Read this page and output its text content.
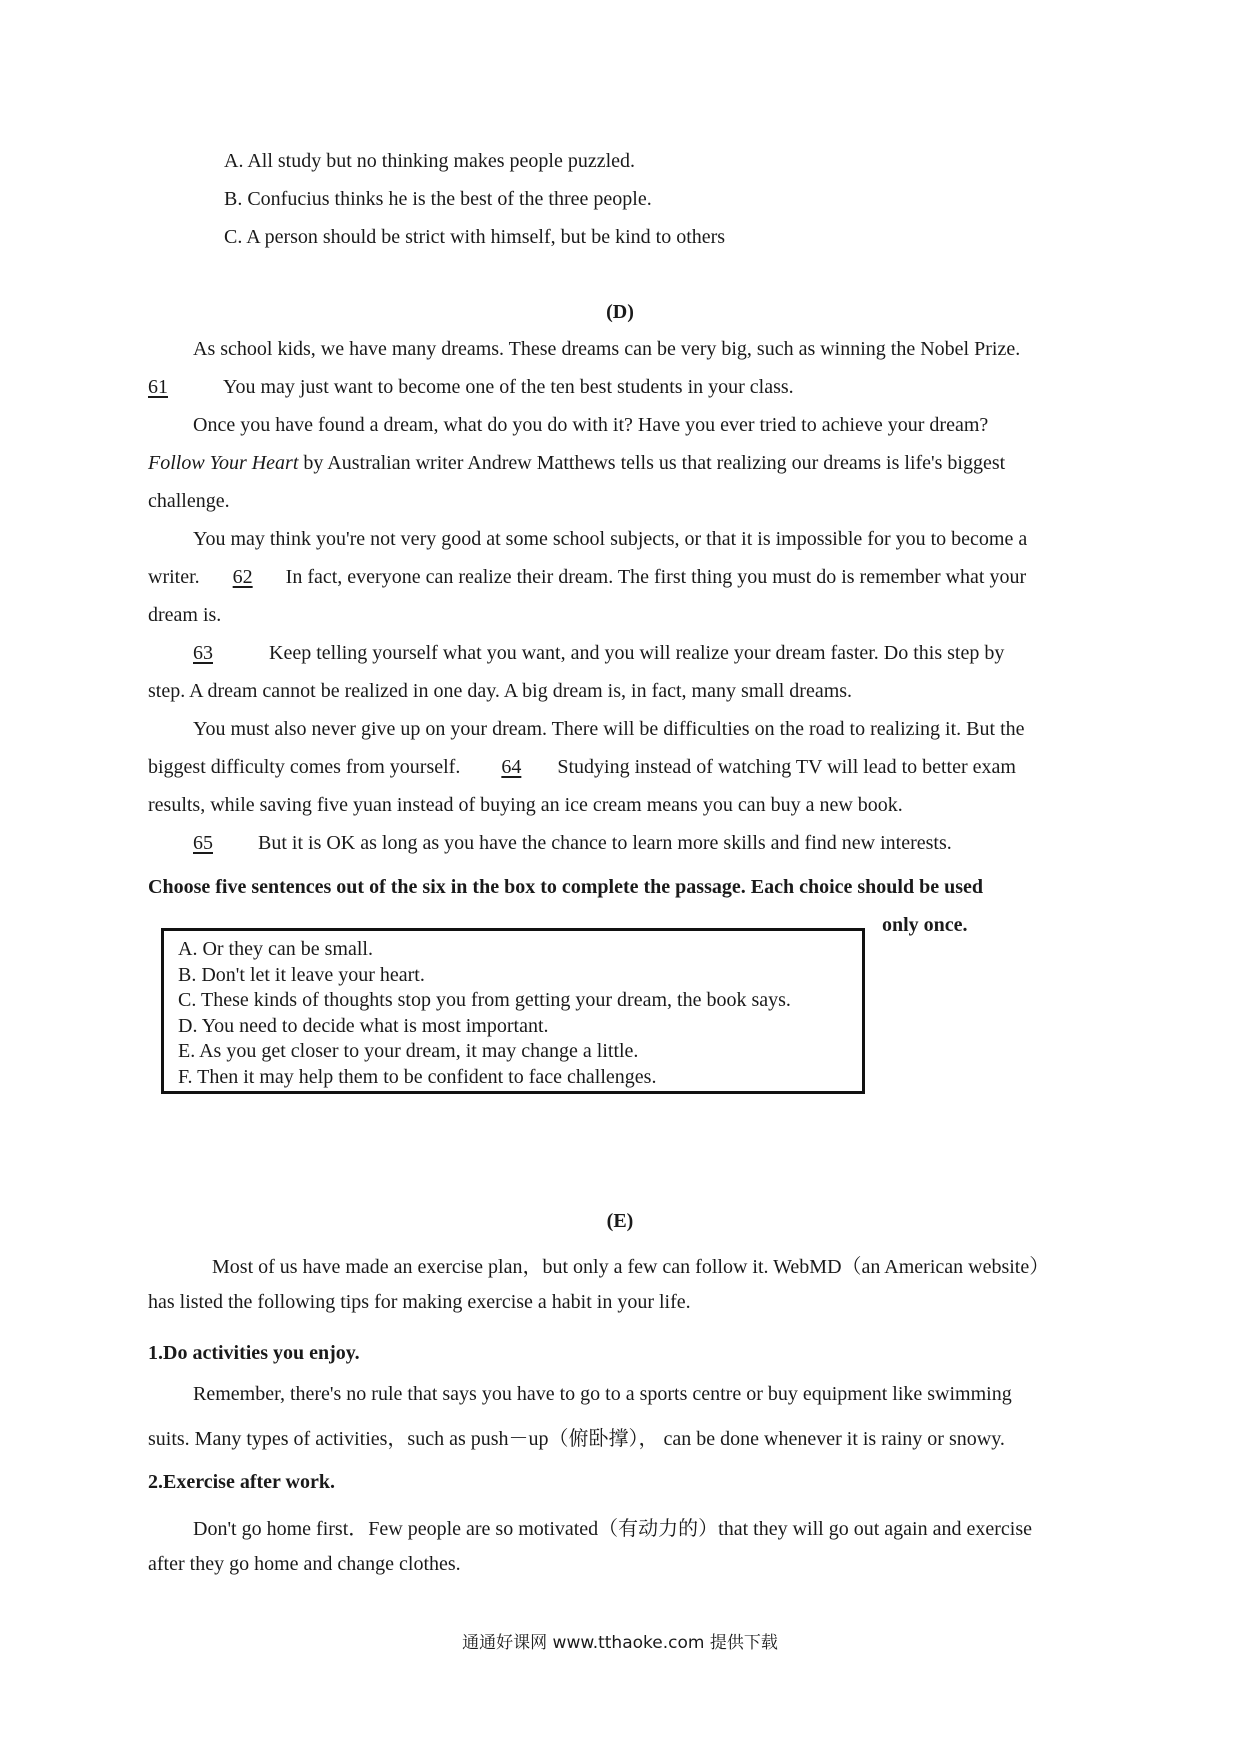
A. All study but no thinking makes people puzzled.
B. Confucius thinks he is the best of the three people.
C. A person should be strict with himself, but be kind to others
(D)
As school kids, we have many dreams. These dreams can be very big, such as winning the Nobel Prize.
61	You may just want to become one of the ten best students in your class.
Once you have found a dream, what do you do with it? Have you ever tried to achieve your dream?
Follow Your Heart by Australian writer Andrew Matthews tells us that realizing our dreams is life's biggest
challenge.
You may think you're not very good at some school subjects, or that it is impossible for you to become a
writer. 62 In fact, everyone can realize their dream. The first thing you must do is remember what your
dream is.
63	Keep telling yourself what you want, and you will realize your dream faster. Do this step by
step. A dream cannot be realized in one day. A big dream is, in fact, many small dreams.
You must also never give up on your dream. There will be difficulties on the road to realizing it. But the
biggest difficulty comes from yourself. 64 Studying instead of watching TV will lead to better exam
results, while saving five yuan instead of buying an ice cream means you can buy a new book.
65 But it is OK as long as you have the chance to learn more skills and find new interests.
Choose five sentences out of the six in the box to complete the passage. Each choice should be used
only once.
A. Or they can be small.
B. Don't let it leave your heart.
C. These kinds of thoughts stop you from getting your dream, the book says.
D. You need to decide what is most important.
E. As you get closer to your dream, it may change a little.
F. Then it may help them to be confident to face challenges.
(E)
Most of us have made an exercise plan，but only a few can follow it. WebMD（an American website）
has listed the following tips for making exercise a habit in your life.
1.Do activities you enjoy.
Remember, there's no rule that says you have to go to a sports centre or buy equipment like swimming
suits. Many types of activities，such as push－up（俯卧撑）， can be done whenever it is rainy or snowy.
2.Exercise after work.
Don't go home first．Few people are so motivated（有动力的）that they will go out again and exercise
after they go home and change clothes.
通通好课网 www.tthaoke.com 提供下载
